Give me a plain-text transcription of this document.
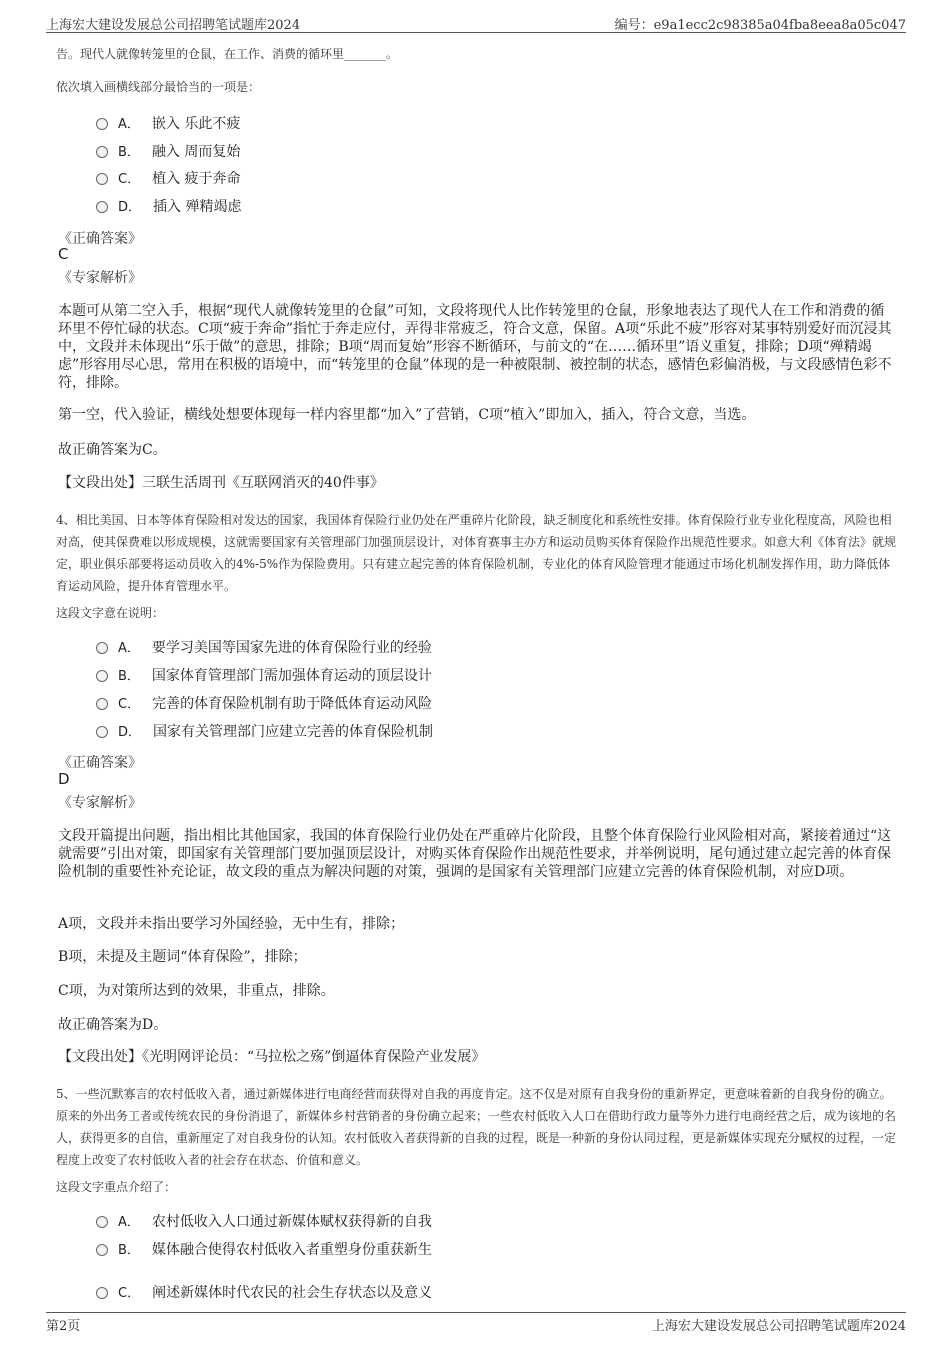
上海宏大建设发展总公司招聘笔试题库2024	编号：e9a1ecc2c98385a04fba8eea8a05c047
告。现代人就像转笼里的仓鼠，在工作、消费的循环里_______。
依次填入画横线部分最恰当的一项是：
A． 嵌入 乐此不疲
B． 融入 周而复始
C． 植入 疲于奔命
D． 插入 殚精竭虑
《正确答案》
C
《专家解析》
本题可从第二空入手，根据“现代人就像转笼里的仓鼠”可知，文段将现代人比作转笼里的仓鼠，形象地表达了现代人在工作和消费的循环里不停忙碌的状态。C项“疲于奔命”指忙于奔走应付，弄得非常疲乏，符合文意，保留。A项“乐此不疲”形容对某事特别爱好而沉浸其中，文段并未体现出“乐于做”的意思，排除；B项“周而复始”形容不断循环，与前文的“在……循环里”语义重复，排除；D项“殚精竭虑”形容用尽心思，常用在积极的语境中，而“转笼里的仓鼠”体现的是一种被限制、被控制的状态，感情色彩偏消极，与文段感情色彩不符，排除。
第一空，代入验证，横线处想要体现每一样内容里都“加入”了营销，C项“植入”即加入，插入，符合文意，当选。
故正确答案为C。
【文段出处】三联生活周刊《互联网消灭的40件事》
4、相比美国、日本等体育保险相对发达的国家，我国体育保险行业仍处在严重碎片化阶段，缺乏制度化和系统性安排。体育保险行业专业化程度高，风险也相对高，使其保费难以形成规模，这就需要国家有关管理部门加强顶层设计，对体育赛事主办方和运动员购买体育保险作出规范性要求。如意大利《体育法》就规定，职业俱乐部要将运动员收入的4%-5%作为保险费用。只有建立起完善的体育保险机制，专业化的体育风险管理才能通过市场化机制发挥作用，助力降低体育运动风险，提升体育管理水平。
这段文字意在说明：
A． 要学习美国等国家先进的体育保险行业的经验
B． 国家体育管理部门需加强体育运动的顶层设计
C． 完善的体育保险机制有助于降低体育运动风险
D． 国家有关管理部门应建立完善的体育保险机制
《正确答案》
D
《专家解析》
文段开篇提出问题，指出相比其他国家，我国的体育保险行业仍处在严重碎片化阶段，且整个体育保险行业风险相对高，紧接着通过“这就需要”引出对策，即国家有关管理部门要加强顶层设计，对购买体育保险作出规范性要求，并举例说明，尾句通过建立起完善的体育保险机制的重要性补充论证，故文段的重点为解决问题的对策，强调的是国家有关管理部门应建立完善的体育保险机制，对应D项。
A项，文段并未指出要学习外国经验，无中生有，排除；
B项，未提及主题词“体育保险”，排除；
C项，为对策所达到的效果，非重点，排除。
故正确答案为D。
【文段出处】《光明网评论员：“马拉松之殇”倒逼体育保险产业发展》
5、一些沉默寡言的农村低收入者，通过新媒体进行电商经营而获得对自我的再度肯定。这不仅是对原有自我身份的重新界定，更意味着新的自我身份的确立。原来的外出务工者或传统农民的身份消退了，新媒体乡村营销者的身份确立起来；一些农村低收入人口在借助行政力量等外力进行电商经营之后，成为该地的名人，获得更多的自信，重新厘定了对自我身份的认知。农村低收入者获得新的自我的过程，既是一种新的身份认同过程，更是新媒体实现充分赋权的过程，一定程度上改变了农村低收入者的社会存在状态、价值和意义。
这段文字重点介绍了：
A． 农村低收入人口通过新媒体赋权获得新的自我
B． 媒体融合使得农村低收入者重塑身份重获新生
C． 阐述新媒体时代农民的社会生存状态以及意义
第2页	上海宏大建设发展总公司招聘笔试题库2024
